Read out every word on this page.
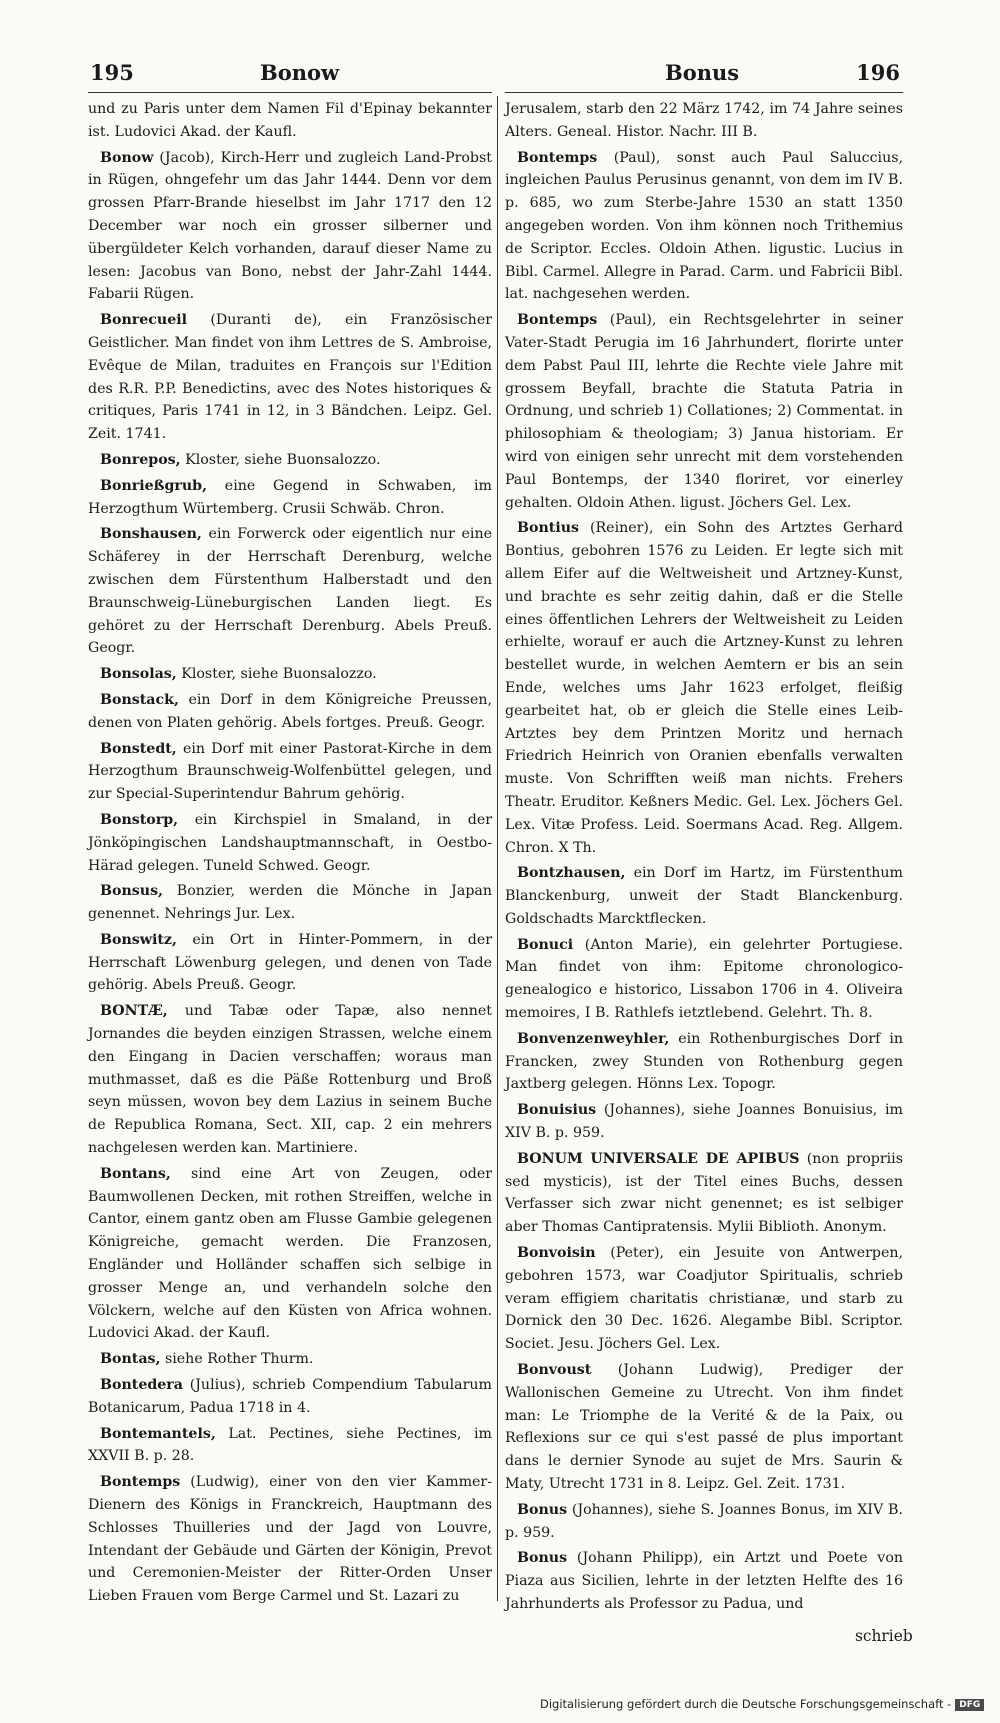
195	Bonow	Bonus	196

und zu Paris unter dem Namen Fil d'Epinay bekannter ist. Ludovici Akad. der Kaufl.

Bonow (Jacob), Kirch-Herr und zugleich Land-Probst in Rügen, ohngefehr um das Jahr 1444. Denn vor dem grossen Pfarr-Brande hieselbst im Jahr 1717 den 12 December war noch ein grosser silberner und übergüldeter Kelch vorhanden, darauf dieser Name zu lesen: Jacobus van Bono, nebst der Jahr-Zahl 1444. Fabarii Rügen.

Bonrecueil (Duranti de), ein Französischer Geistlicher. Man findet von ihm Lettres de S. Ambroise, Evêque de Milan, traduites en François sur l'Edition des R.R. P.P. Benedictins, avec des Notes historiques & critiques, Paris 1741 in 12, in 3 Bändchen. Leipz. Gel. Zeit. 1741.

Bonrepos, Kloster, siehe Buonsalozzo.

Bonrießgrub, eine Gegend in Schwaben, im Herzogthum Würtemberg. Crusii Schwäb. Chron.

Bonshausen, ein Forwerck oder eigentlich nur eine Schäferey in der Herrschaft Derenburg, welche zwischen dem Fürstenthum Halberstadt und den Braunschweig-Lüneburgischen Landen liegt. Es gehöret zu der Herrschaft Derenburg. Abels Preuß. Geogr.

Bonsolas, Kloster, siehe Buonsalozzo.

Bonstack, ein Dorf in dem Königreiche Preussen, denen von Platen gehörig. Abels fortges. Preuß. Geogr.

Bonstedt, ein Dorf mit einer Pastorat-Kirche in dem Herzogthum Braunschweig-Wolfenbüttel gelegen, und zur Special-Superintendur Bahrum gehörig.

Bonstorp, ein Kirchspiel in Smaland, in der Jönköpingischen Landshauptmannschaft, in Oestbo-Härad gelegen. Tuneld Schwed. Geogr.

Bonsus, Bonzier, werden die Mönche in Japan genennet. Nehrings Jur. Lex.

Bonswitz, ein Ort in Hinter-Pommern, in der Herrschaft Löwenburg gelegen, und denen von Tade gehörig. Abels Preuß. Geogr.

BONTÆ, und Tabæ oder Tapæ, also nennet Jornandes die beyden einzigen Strassen, welche einem den Eingang in Dacien verschaffen; woraus man muthmasset, daß es die Päße Rottenburg und Broß seyn müssen, wovon bey dem Lazius in seinem Buche de Republica Romana, Sect. XII, cap. 2 ein mehrers nachgelesen werden kan. Martiniere.

Bontans, sind eine Art von Zeugen, oder Baumwollenen Decken, mit rothen Streiffen, welche in Cantor, einem gantz oben am Flusse Gambie gelegenen Königreiche, gemacht werden. Die Franzosen, Engländer und Holländer schaffen sich selbige in grosser Menge an, und verhandeln solche den Völckern, welche auf den Küsten von Africa wohnen. Ludovici Akad. der Kaufl.

Bontas, siehe Rother Thurm.

Bontedera (Julius), schrieb Compendium Tabularum Botanicarum, Padua 1718 in 4.

Bontemantels, Lat. Pectines, siehe Pectines, im XXVII B. p. 28.

Bontemps (Ludwig), einer von den vier Kammer-Dienern des Königs in Franckreich, Hauptmann des Schlosses Thuilleries und der Jagd von Louvre, Intendant der Gebäude und Gärten der Königin, Prevot und Ceremonien-Meister der Ritter-Orden Unser Lieben Frauen vom Berge Carmel und St. Lazari zu

Jerusalem, starb den 22 März 1742, im 74 Jahre seines Alters. Geneal. Histor. Nachr. III B.

Bontemps (Paul), sonst auch Paul Saluccius, ingleichen Paulus Perusinus genannt, von dem im IV B. p. 685, wo zum Sterbe-Jahre 1530 an statt 1350 angegeben worden. Von ihm können noch Trithemius de Scriptor. Eccles. Oldoin Athen. ligustic. Lucius in Bibl. Carmel. Allegre in Parad. Carm. und Fabricii Bibl. lat. nachgesehen werden.

Bontemps (Paul), ein Rechtsgelehrter in seiner Vater-Stadt Perugia im 16 Jahrhundert, florirte unter dem Pabst Paul III, lehrte die Rechte viele Jahre mit grossem Beyfall, brachte die Statuta Patria in Ordnung, und schrieb 1) Collationes; 2) Commentat. in philosophiam & theologiam; 3) Janua historiam. Er wird von einigen sehr unrecht mit dem vorstehenden Paul Bontemps, der 1340 floriret, vor einerley gehalten. Oldoin Athen. ligust. Jöchers Gel. Lex.

Bontius (Reiner), ein Sohn des Artztes Gerhard Bontius, gebohren 1576 zu Leiden. Er legte sich mit allem Eifer auf die Weltweisheit und Artzney-Kunst, und brachte es sehr zeitig dahin, daß er die Stelle eines öffentlichen Lehrers der Weltweisheit zu Leiden erhielte, worauf er auch die Artzney-Kunst zu lehren bestellet wurde, in welchen Aemtern er bis an sein Ende, welches ums Jahr 1623 erfolget, fleißig gearbeitet hat, ob er gleich die Stelle eines Leib-Artztes bey dem Printzen Moritz und hernach Friedrich Heinrich von Oranien ebenfalls verwalten muste. Von Schrifften weiß man nichts. Frehers Theatr. Eruditor. Keßners Medic. Gel. Lex. Jöchers Gel. Lex. Vitæ Profess. Leid. Soermans Acad. Reg. Allgem. Chron. X Th.

Bontzhausen, ein Dorf im Hartz, im Fürstenthum Blanckenburg, unweit der Stadt Blanckenburg. Goldschadts Marcktflecken.

Bonuci (Anton Marie), ein gelehrter Portugiese. Man findet von ihm: Epitome chronologico-genealogico e historico, Lissabon 1706 in 4. Oliveira memoires, I B. Rathlefs ietztlebend. Gelehrt. Th. 8.

Bonvenzenweyhler, ein Rothenburgisches Dorf in Francken, zwey Stunden von Rothenburg gegen Jaxtberg gelegen. Hönns Lex. Topogr.

Bonuisius (Johannes), siehe Joannes Bonuisius, im XIV B. p. 959.

BONUM UNIVERSALE DE APIBUS (non propriis sed mysticis), ist der Titel eines Buchs, dessen Verfasser sich zwar nicht genennet; es ist selbiger aber Thomas Cantipratensis. Mylii Biblioth. Anonym.

Bonvoisin (Peter), ein Jesuite von Antwerpen, gebohren 1573, war Coadjutor Spiritualis, schrieb veram effigiem charitatis christianæ, und starb zu Dornick den 30 Dec. 1626. Alegambe Bibl. Scriptor. Societ. Jesu. Jöchers Gel. Lex.

Bonvoust (Johann Ludwig), Prediger der Wallonischen Gemeine zu Utrecht. Von ihm findet man: Le Triomphe de la Verité & de la Paix, ou Reflexions sur ce qui s'est passé de plus important dans le dernier Synode au sujet de Mrs. Saurin & Maty, Utrecht 1731 in 8. Leipz. Gel. Zeit. 1731.

Bonus (Johannes), siehe S. Joannes Bonus, im XIV B. p. 959.

Bonus (Johann Philipp), ein Artzt und Poete von Piaza aus Sicilien, lehrte in der letzten Helfte des 16 Jahrhunderts als Professor zu Padua, und

schrieb
Digitalisierung gefördert durch die Deutsche Forschungsgemeinschaft - DFG
